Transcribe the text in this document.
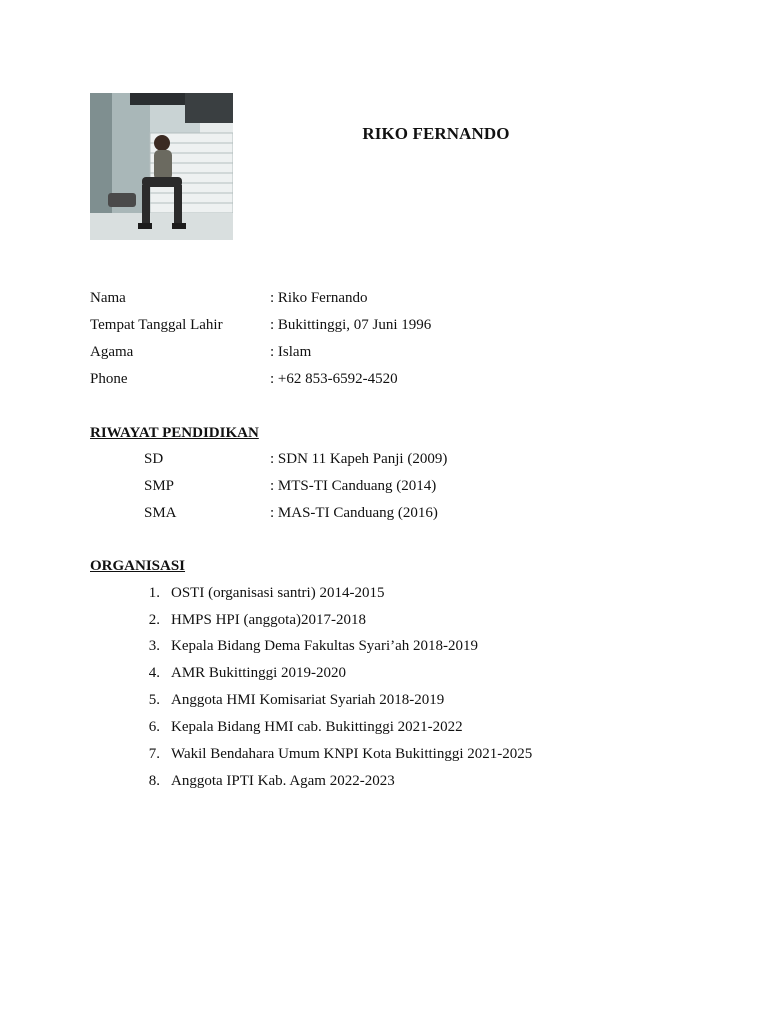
RIKO FERNANDO
Nama	: Riko Fernando
Tempat Tanggal Lahir	: Bukittinggi, 07 Juni 1996
Agama	: Islam
Phone	: +62 853-6592-4520
RIWAYAT PENDIDIKAN
SD	: SDN 11 Kapeh Panji (2009)
SMP	: MTS-TI Canduang (2014)
SMA	: MAS-TI Canduang (2016)
ORGANISASI
1. OSTI (organisasi santri) 2014-2015
2. HMPS HPI (anggota)2017-2018
3. Kepala Bidang Dema Fakultas Syari’ah 2018-2019
4. AMR Bukittinggi 2019-2020
5. Anggota HMI Komisariat Syariah 2018-2019
6. Kepala Bidang HMI cab. Bukittinggi 2021-2022
7. Wakil Bendahara Umum KNPI Kota Bukittinggi 2021-2025
8. Anggota IPTI Kab. Agam 2022-2023
